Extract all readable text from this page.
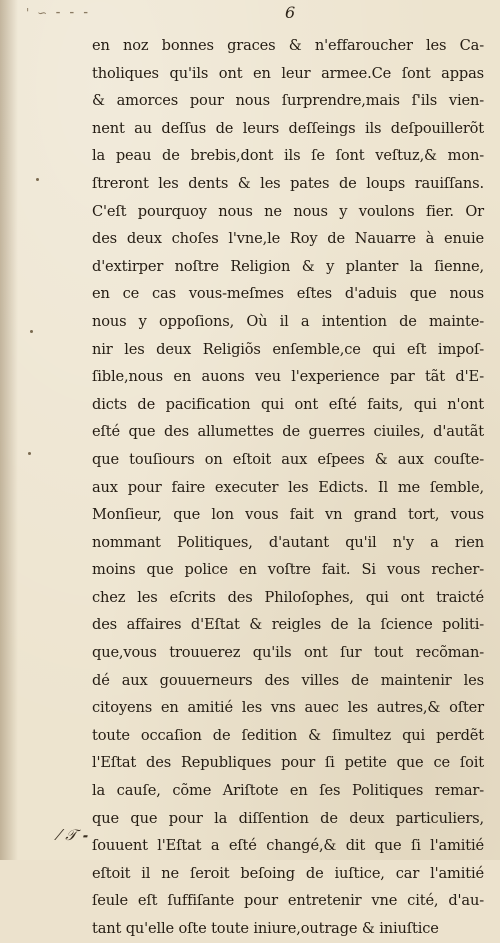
' ∽ ⁃ ⁃ ⁃	6
en noz bonnes graces & n'effaroucher les Ca-
tholiques qu'ils ont en leur armee.Ce ſont appas
& amorces pour nous ſurprendre,mais ſ'ils vien-
nent au deſſus de leurs deſſeings ils deſpouillerõt
la peau de brebis,dont ils ſe ſont veſtuz,& mon-
ſtreront les dents & les pates de loups rauiſſans.
C'eſt pourquoy nous ne nous y voulons fier. Or
des deux choſes l'vne,le Roy de Nauarre à enuie
d'extirper noſtre Religion & y planter la ſienne,
en ce cas vous-meſmes eſtes d'aduis que nous
nous y oppoſions, Où il a intention de mainte-
nir les deux Religiõs enſemble,ce qui eſt impoſ-
ſible,nous en auons veu l'experience par tãt d'E-
dicts de pacification qui ont eſté faits, qui n'ont
eſté que des allumettes de guerres ciuiles, d'autãt
que touſiours on eſtoit aux eſpees & aux couſte-
aux pour faire executer les Edicts. Il me ſemble,
Monſieur, que lon vous fait vn grand tort, vous
nommant Politiques, d'autant qu'il n'y a rien
moins que police en voſtre fait. Si vous recher-
chez les eſcrits des Philoſophes, qui ont traicté
des affaires d'Eſtat & reigles de la ſcience politi-
que,vous trouuerez qu'ils ont ſur tout recõman-
dé aux gouuerneurs des villes de maintenir les
citoyens en amitié les vns auec les autres,& oſter
toute occaſion de ſedition & ſimultez qui perdẽt
l'Eſtat des Republiques pour ſi petite que ce ſoit
la cauſe, cõme Ariſtote en ſes Politiques remar-
que que pour la diſſention de deux particuliers,
ſouuent l'Eſtat a eſté changé,& dit que ſi l'amitié
eſtoit il ne ſeroit beſoing de iuſtice, car l'amitié
ſeule eſt ſuffiſante pour entretenir vne cité, d'au-
tant qu'elle oſte toute iniure,outrage & iniuſtice
⁄ 𝒯 ⁃
